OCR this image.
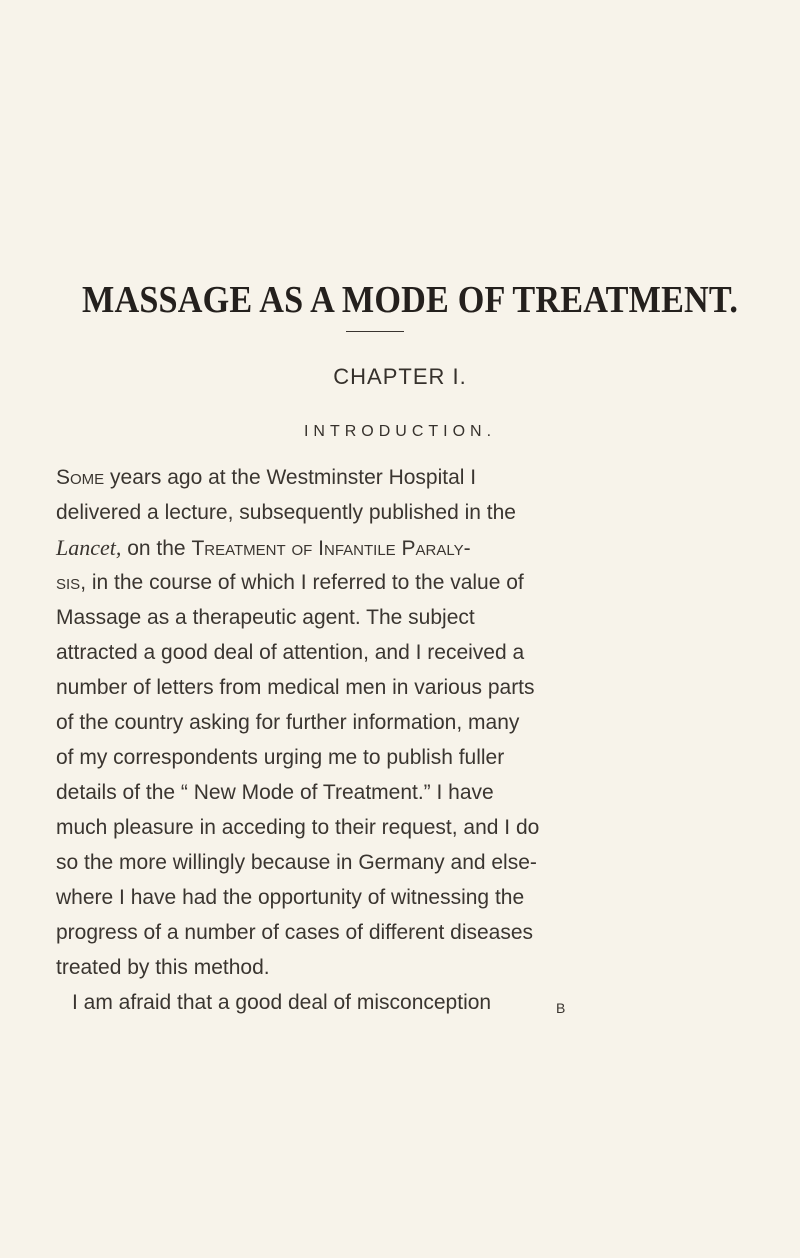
MASSAGE AS A MODE OF TREATMENT.
CHAPTER I.
INTRODUCTION.
Some years ago at the Westminster Hospital I
delivered a lecture, subsequently published in the
Lancet, on the Treatment of Infantile Paraly-
sis, in the course of which I referred to the value of
Massage as a therapeutic agent. The subject
attracted a good deal of attention, and I received a
number of letters from medical men in various parts
of the country asking for further information, many
of my correspondents urging me to publish fuller
details of the “ New Mode of Treatment.” I have
much pleasure in acceding to their request, and I do
so the more willingly because in Germany and else-
where I have had the opportunity of witnessing the
progress of a number of cases of different diseases
treated by this method.
I am afraid that a good deal of misconception	B
